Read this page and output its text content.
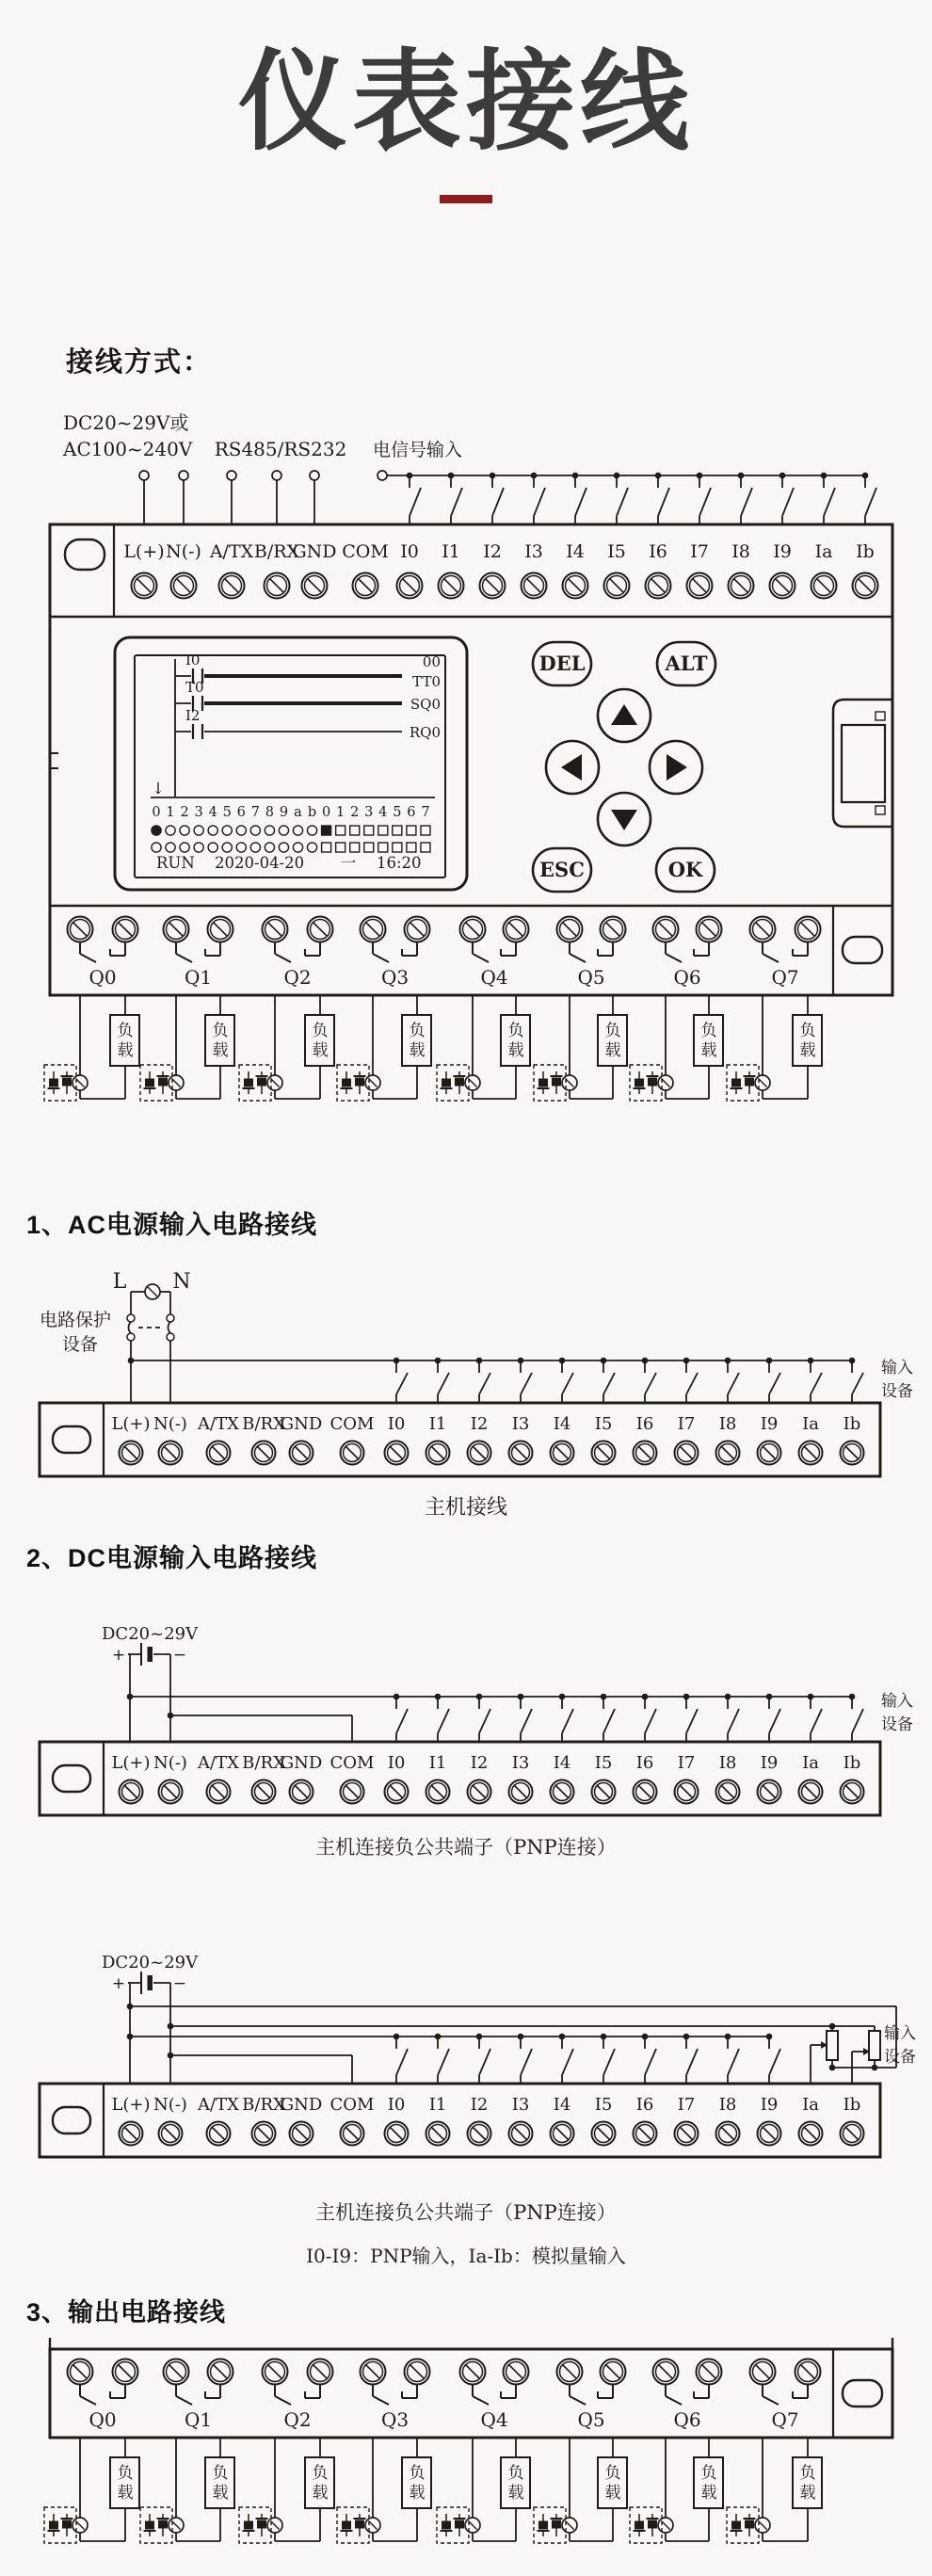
DC20~29V或
AC100~240V RS485/RS232 电信号输入
L(+) N(-) A/TX B/RX
GND COM I0 I1 I2 I3 I4 I5 I6 I7 I8 I9 Ia Ib
I0	00
TT0
T0
SQ0
I2
RQ0
↓
0 1 2 3 4 5 6 7 8 9 a b 0 1 2 3 4 5 6 7
RUN 2020-04-20 一 16:20
DEL	ALT
ESC	OK
Q0	Q1	Q2	Q3	Q4	Q5	Q6	Q7
负
载
负
载
负
载
负
载
负
载
负
载
负
载
负
载
L N
电路保护
设备
输入
设备
L(+) N(-) A/TX B/RX
GND COM I0 I1 I2 I3 I4 I5 I6 I7 I8 I9 Ia Ib
DC20~29V
+	−
输入
设备
L(+) N(-) A/TX B/RX
GND COM I0 I1 I2 I3 I4 I5 I6 I7 I8 I9 Ia Ib
DC20~29V
+	−
输入
设备
L(+) N(-) A/TX B/RX
GND COM I0 I1 I2 I3 I4 I5 I6 I7 I8 I9 Ia Ib
Q0	Q1	Q2	Q3	Q4	Q5	Q6	Q7
负
载
负
载
负
载
负
载
负
载
负
载
负
载
负
载
仪表接线
接线方式：
1、AC电源输入电路接线
主机接线
2、DC电源输入电路接线
主机连接负公共端子（PNP连接）
主机连接负公共端子（PNP连接）
I0-I9：PNP输入，Ia-Ib：模拟量输入
3、输出电路接线
